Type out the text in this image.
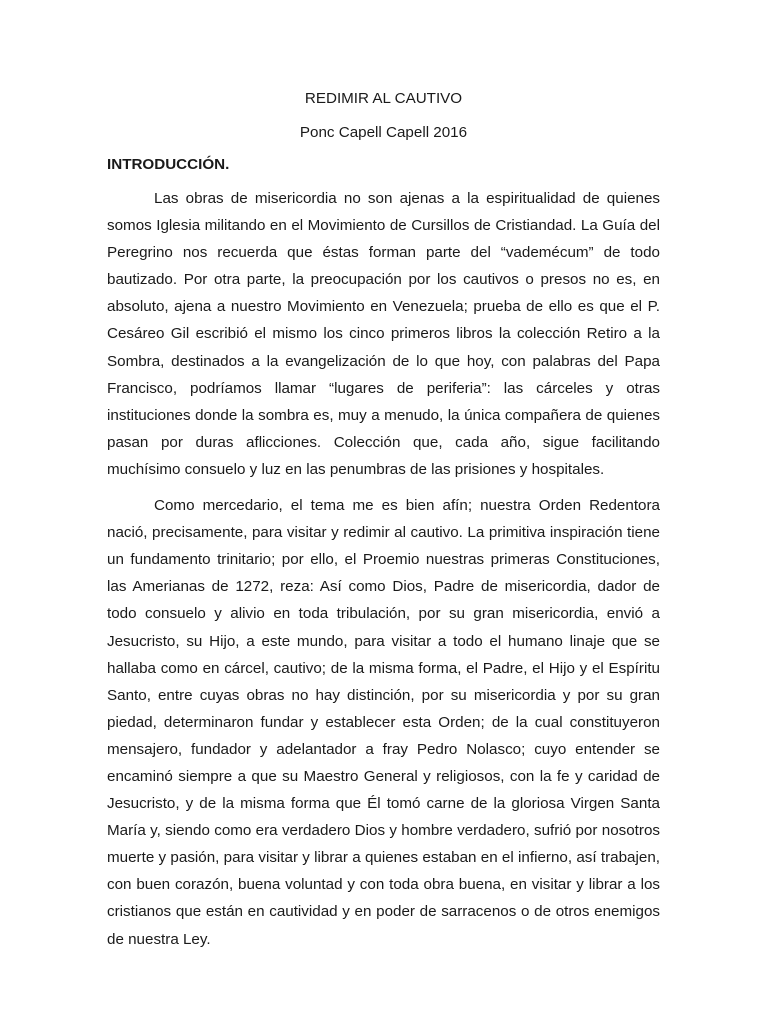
REDIMIR AL CAUTIVO

Ponc Capell Capell 2016

INTRODUCCIÓN.

Las obras de misericordia no son ajenas a la espiritualidad de quienes somos Iglesia militando en el Movimiento de Cursillos de Cristiandad. La Guía del Peregrino nos recuerda que éstas forman parte del “vademécum” de todo bautizado. Por otra parte, la preocupación por los cautivos o presos no es, en absoluto, ajena a nuestro Movimiento en Venezuela; prueba de ello es que el P. Cesáreo Gil escribió el mismo los cinco primeros libros la colección Retiro a la Sombra, destinados a la evangelización de lo que hoy, con palabras del Papa Francisco, podríamos llamar “lugares de periferia”: las cárceles y otras instituciones donde la sombra es, muy a menudo, la única compañera de quienes pasan por duras aflicciones. Colección que, cada año, sigue facilitando muchísimo consuelo y luz en las penumbras de las prisiones y hospitales.

Como mercedario, el tema me es bien afín; nuestra Orden Redentora nació, precisamente, para visitar y redimir al cautivo. La primitiva inspiración tiene un fundamento trinitario; por ello, el Proemio nuestras primeras Constituciones, las Amerianas de 1272, reza: Así como Dios, Padre de misericordia, dador de todo consuelo y alivio en toda tribulación, por su gran misericordia, envió a Jesucristo, su Hijo, a este mundo, para visitar a todo el humano linaje que se hallaba como en cárcel, cautivo; de la misma forma, el Padre, el Hijo y el Espíritu Santo, entre cuyas obras no hay distinción, por su misericordia y por su gran piedad, determinaron fundar y establecer esta Orden; de la cual constituyeron mensajero, fundador y adelantador a fray Pedro Nolasco; cuyo entender se encaminó siempre a que su Maestro General y religiosos, con la fe y caridad de Jesucristo, y de la misma forma que Él tomó carne de la gloriosa Virgen Santa María y, siendo como era verdadero Dios y hombre verdadero, sufrió por nosotros muerte y pasión, para visitar y librar a quienes estaban en el infierno, así trabajen, con buen corazón, buena voluntad y con toda obra buena, en visitar y librar a los cristianos que están en cautividad y en poder de sarracenos o de otros enemigos de nuestra Ley.
